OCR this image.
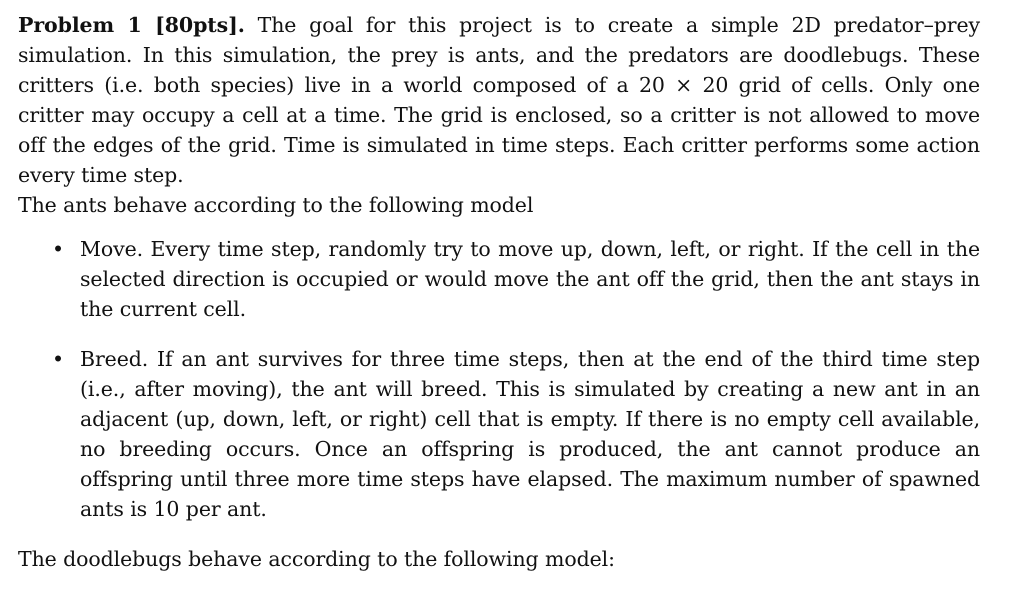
Problem 1 [80pts]. The goal for this project is to create a simple 2D predator–prey simulation. In this simulation, the prey is ants, and the predators are doodlebugs. These critters (i.e. both species) live in a world composed of a 20 × 20 grid of cells. Only one critter may occupy a cell at a time. The grid is enclosed, so a critter is not allowed to move off the edges of the grid. Time is simulated in time steps. Each critter performs some action every time step.

The ants behave according to the following model

• Move. Every time step, randomly try to move up, down, left, or right. If the cell in the selected direction is occupied or would move the ant off the grid, then the ant stays in the current cell.
• Breed. If an ant survives for three time steps, then at the end of the third time step (i.e., after moving), the ant will breed. This is simulated by creating a new ant in an adjacent (up, down, left, or right) cell that is empty. If there is no empty cell available, no breeding occurs. Once an offspring is produced, the ant cannot produce an offspring until three more time steps have elapsed. The maximum number of spawned ants is 10 per ant.

The doodlebugs behave according to the following model:
